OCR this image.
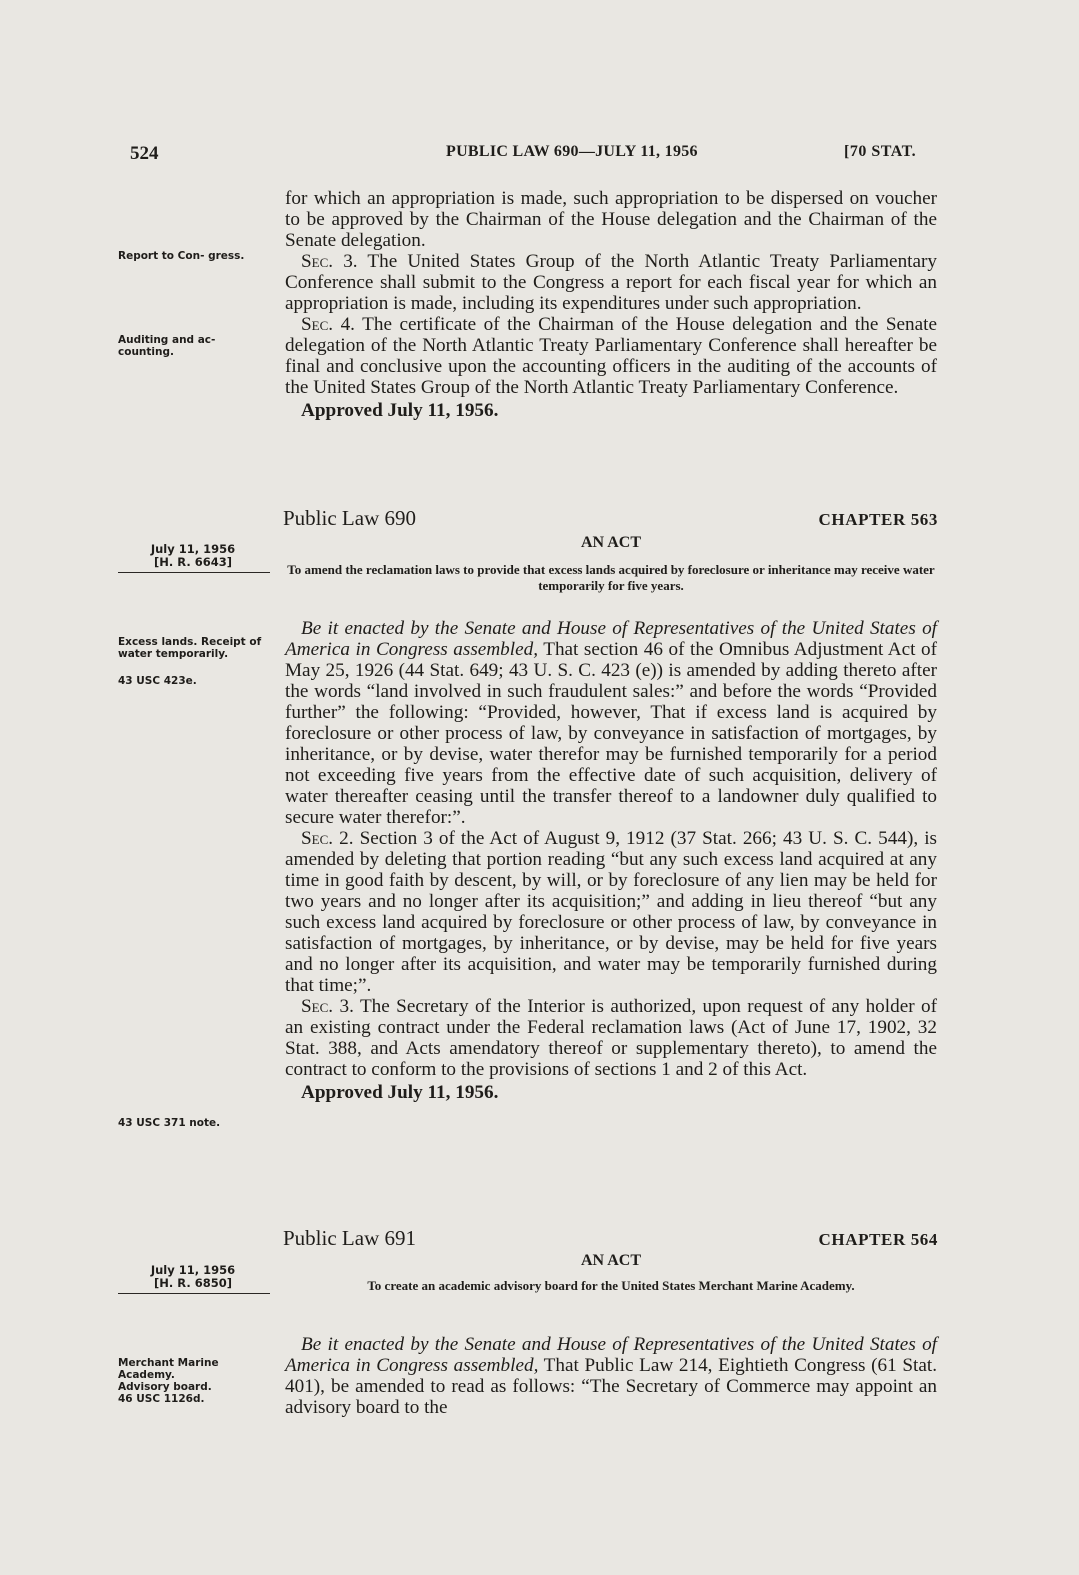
524	PUBLIC LAW 690—JULY 11, 1956	[70 STAT.

for which an appropriation is made, such appropriation to be dispersed on voucher to be approved by the Chairman of the House delegation and the Chairman of the Senate delegation.

Sec. 3. The United States Group of the North Atlantic Treaty Parliamentary Conference shall submit to the Congress a report for each fiscal year for which an appropriation is made, including its expenditures under such appropriation.

Sec. 4. The certificate of the Chairman of the House delegation and the Senate delegation of the North Atlantic Treaty Parliamentary Conference shall hereafter be final and conclusive upon the accounting officers in the auditing of the accounts of the United States Group of the North Atlantic Treaty Parliamentary Conference.

Approved July 11, 1956.

Report to Con- gress.
Auditing and ac- counting.
Public Law 690	CHAPTER 563
AN ACT
To amend the reclamation laws to provide that excess lands acquired by foreclosure or inheritance may receive water temporarily for five years.
July 11, 1956
[H. R. 6643]
Excess lands. Receipt of water temporarily.
43 USC 423e.

Be it enacted by the Senate and House of Representatives of the United States of America in Congress assembled, That section 46 of the Omnibus Adjustment Act of May 25, 1926 (44 Stat. 649; 43 U. S. C. 423 (e)) is amended by adding thereto after the words “land involved in such fraudulent sales:” and before the words “Provided further” the following: “Provided, however, That if excess land is acquired by foreclosure or other process of law, by conveyance in satisfaction of mortgages, by inheritance, or by devise, water therefor may be furnished temporarily for a period not exceeding five years from the effective date of such acquisition, delivery of water thereafter ceasing until the transfer thereof to a landowner duly qualified to secure water therefor:”.

Sec. 2. Section 3 of the Act of August 9, 1912 (37 Stat. 266; 43 U. S. C. 544), is amended by deleting that portion reading “but any such excess land acquired at any time in good faith by descent, by will, or by foreclosure of any lien may be held for two years and no longer after its acquisition;” and adding in lieu thereof “but any such excess land acquired by foreclosure or other process of law, by conveyance in satisfaction of mortgages, by inheritance, or by devise, may be held for five years and no longer after its acquisition, and water may be temporarily furnished during that time;”.

Sec. 3. The Secretary of the Interior is authorized, upon request of any holder of an existing contract under the Federal reclamation laws (Act of June 17, 1902, 32 Stat. 388, and Acts amendatory thereof or supplementary thereto), to amend the contract to conform to the provisions of sections 1 and 2 of this Act.

Approved July 11, 1956.

43 USC 371 note.
Public Law 691	CHAPTER 564
AN ACT
To create an academic advisory board for the United States Merchant Marine Academy.
July 11, 1956
[H. R. 6850]

Be it enacted by the Senate and House of Representatives of the United States of America in Congress assembled, That Public Law 214, Eightieth Congress (61 Stat. 401), be amended to read as follows: “The Secretary of Commerce may appoint an advisory board to the

Merchant Marine Academy.
Advisory board.
46 USC 1126d.
